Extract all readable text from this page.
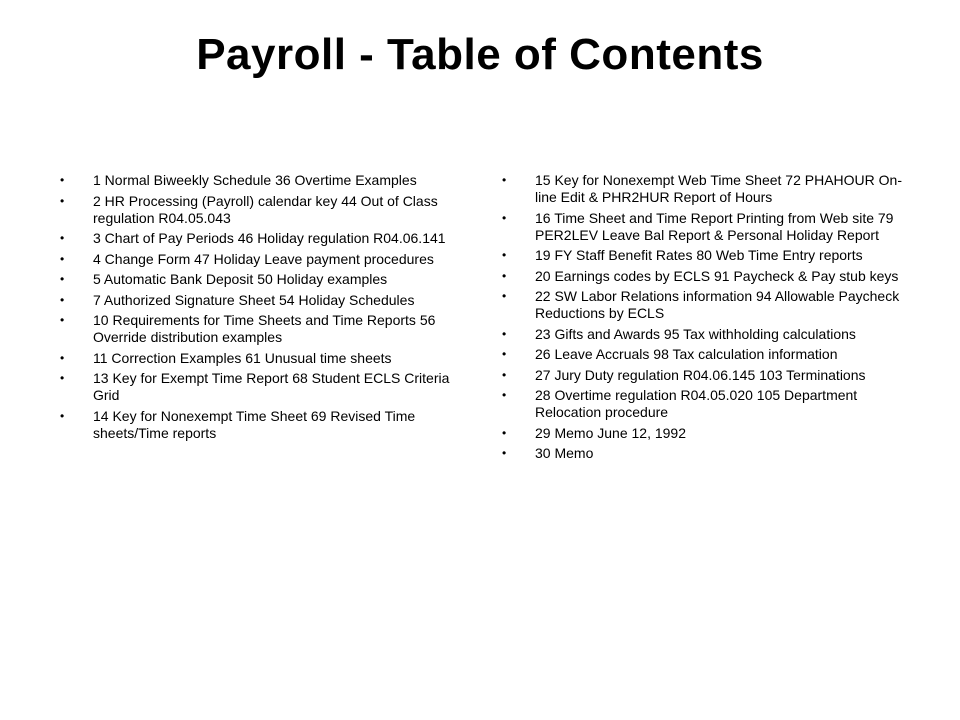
Payroll - Table of Contents
• 1 Normal Biweekly Schedule 36 Overtime Examples
• 2 HR Processing (Payroll) calendar key 44 Out of Class regulation R04.05.043
• 3 Chart of Pay Periods 46 Holiday regulation R04.06.141
• 4 Change Form 47 Holiday Leave payment procedures
• 5 Automatic Bank Deposit 50 Holiday examples
• 7 Authorized Signature Sheet 54 Holiday Schedules
• 10 Requirements for Time Sheets and Time Reports 56 Override distribution examples
• 11 Correction Examples 61 Unusual time sheets
• 13 Key for Exempt Time Report 68 Student ECLS Criteria Grid
• 14 Key for Nonexempt Time Sheet 69 Revised Time sheets/Time reports
• 15 Key for Nonexempt Web Time Sheet 72 PHAHOUR On-line Edit & PHR2HUR Report of Hours
• 16 Time Sheet and Time Report Printing from Web site 79 PER2LEV Leave Bal Report & Personal Holiday Report
• 19 FY Staff Benefit Rates 80 Web Time Entry reports
• 20 Earnings codes by ECLS 91 Paycheck & Pay stub keys
• 22 SW Labor Relations information 94 Allowable Paycheck Reductions by ECLS
• 23 Gifts and Awards 95 Tax withholding calculations
• 26 Leave Accruals 98 Tax calculation information
• 27 Jury Duty regulation R04.06.145 103 Terminations
• 28 Overtime regulation R04.05.020 105 Department Relocation procedure
• 29 Memo June 12, 1992
• 30 Memo
